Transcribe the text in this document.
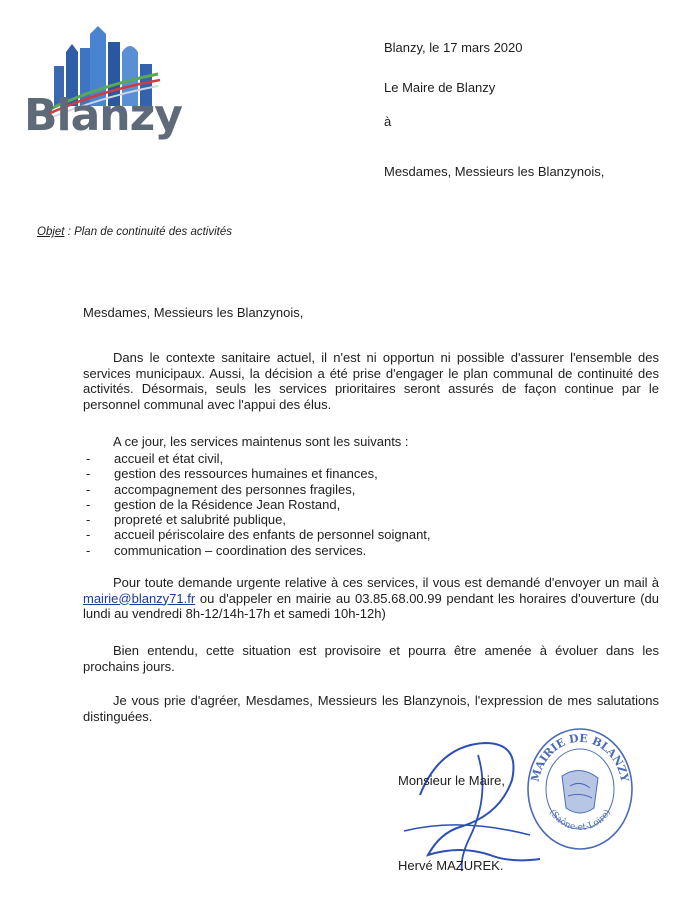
Blanzy
Blanzy, le 17 mars 2020
Le Maire de Blanzy
à
Mesdames, Messieurs les Blanzynois,
Objet : Plan de continuité des activités
Mesdames, Messieurs les Blanzynois,
Dans le contexte sanitaire actuel, il n'est ni opportun ni possible d'assurer l'ensemble des services municipaux. Aussi, la décision a été prise d'engager le plan communal de continuité des activités. Désormais, seuls les services prioritaires seront assurés de façon continue par le personnel communal avec l'appui des élus.
A ce jour, les services maintenus sont les suivants :
- accueil et état civil,
- gestion des ressources humaines et finances,
- accompagnement des personnes fragiles,
- gestion de la Résidence Jean Rostand,
- propreté et salubrité publique,
- accueil périscolaire des enfants de personnel soignant,
- communication – coordination des services.
Pour toute demande urgente relative à ces services, il vous est demandé d'envoyer un mail à mairie@blanzy71.fr ou d'appeler en mairie au 03.85.68.00.99 pendant les horaires d'ouverture (du lundi au vendredi 8h-12/14h-17h et samedi 10h-12h)
Bien entendu, cette situation est provisoire et pourra être amenée à évoluer dans les prochains jours.
Je vous prie d'agréer, Mesdames, Messieurs les Blanzynois, l'expression de mes salutations distinguées.
MAIRIE DE BLANZY
(Saône-et-Loire)
Monsieur le Maire,
Hervé MAZUREK.
